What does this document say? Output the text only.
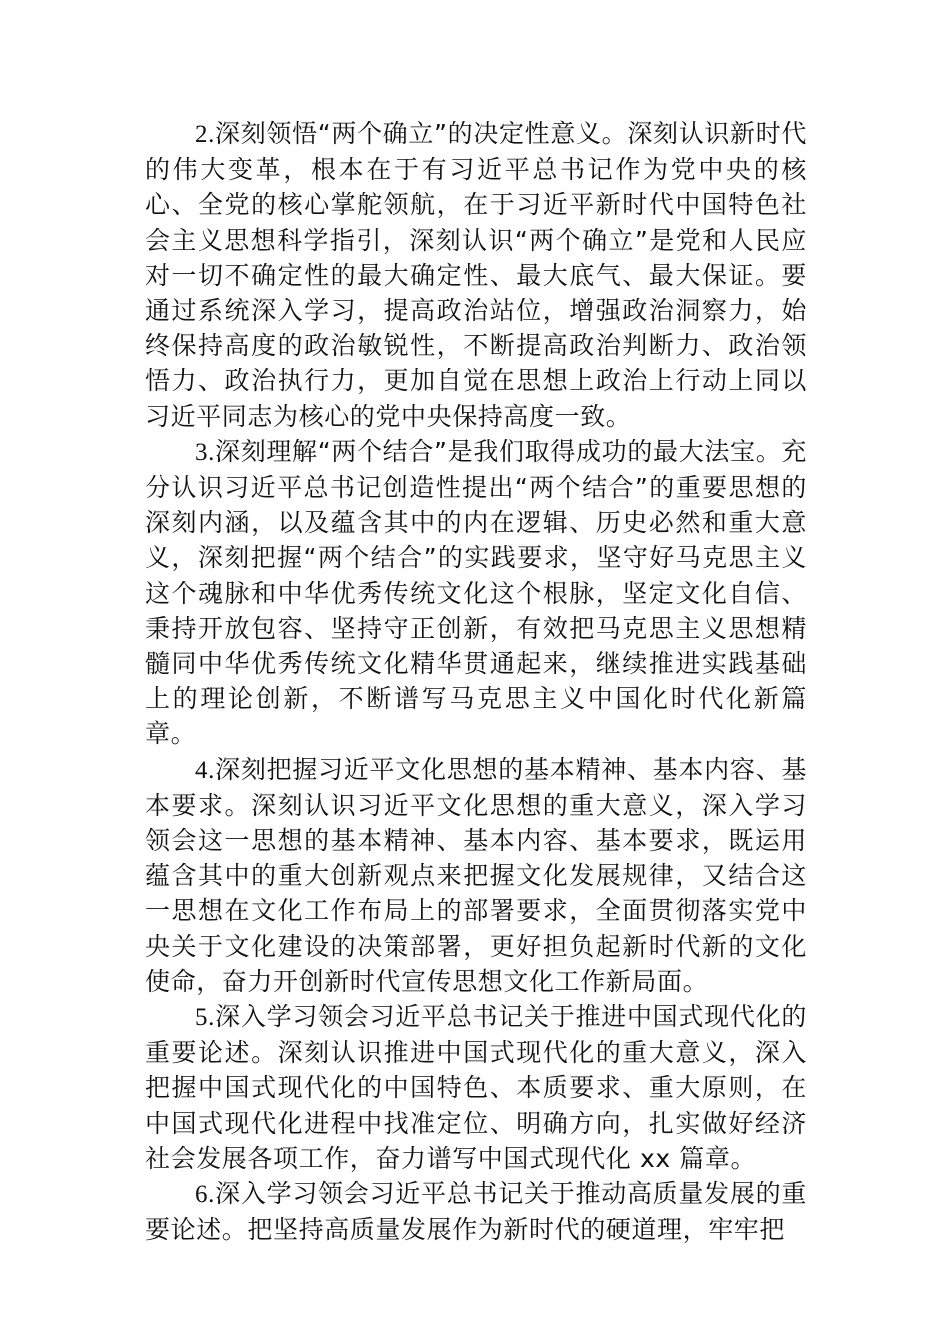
2.深刻领悟“两个确立”的决定性意义。深刻认识新时代的伟大变革，根本在于有习近平总书记作为党中央的核心、全党的核心掌舵领航，在于习近平新时代中国特色社会主义思想科学指引，深刻认识“两个确立”是党和人民应对一切不确定性的最大确定性、最大底气、最大保证。要通过系统深入学习，提高政治站位，增强政治洞察力，始终保持高度的政治敏锐性，不断提高政治判断力、政治领悟力、政治执行力，更加自觉在思想上政治上行动上同以习近平同志为核心的党中央保持高度一致。

3.深刻理解“两个结合”是我们取得成功的最大法宝。充分认识习近平总书记创造性提出“两个结合”的重要思想的深刻内涵，以及蕴含其中的内在逻辑、历史必然和重大意义，深刻把握“两个结合”的实践要求，坚守好马克思主义这个魂脉和中华优秀传统文化这个根脉，坚定文化自信、秉持开放包容、坚持守正创新，有效把马克思主义思想精髓同中华优秀传统文化精华贯通起来，继续推进实践基础上的理论创新，不断谱写马克思主义中国化时代化新篇章。

4.深刻把握习近平文化思想的基本精神、基本内容、基本要求。深刻认识习近平文化思想的重大意义，深入学习领会这一思想的基本精神、基本内容、基本要求，既运用蕴含其中的重大创新观点来把握文化发展规律，又结合这一思想在文化工作布局上的部署要求，全面贯彻落实党中央关于文化建设的决策部署，更好担负起新时代新的文化使命，奋力开创新时代宣传思想文化工作新局面。

5.深入学习领会习近平总书记关于推进中国式现代化的重要论述。深刻认识推进中国式现代化的重大意义，深入把握中国式现代化的中国特色、本质要求、重大原则，在中国式现代化进程中找准定位、明确方向，扎实做好经济社会发展各项工作，奋力谱写中国式现代化 xx 篇章。

6.深入学习领会习近平总书记关于推动高质量发展的重要论述。把坚持高质量发展作为新时代的硬道理，牢牢把
